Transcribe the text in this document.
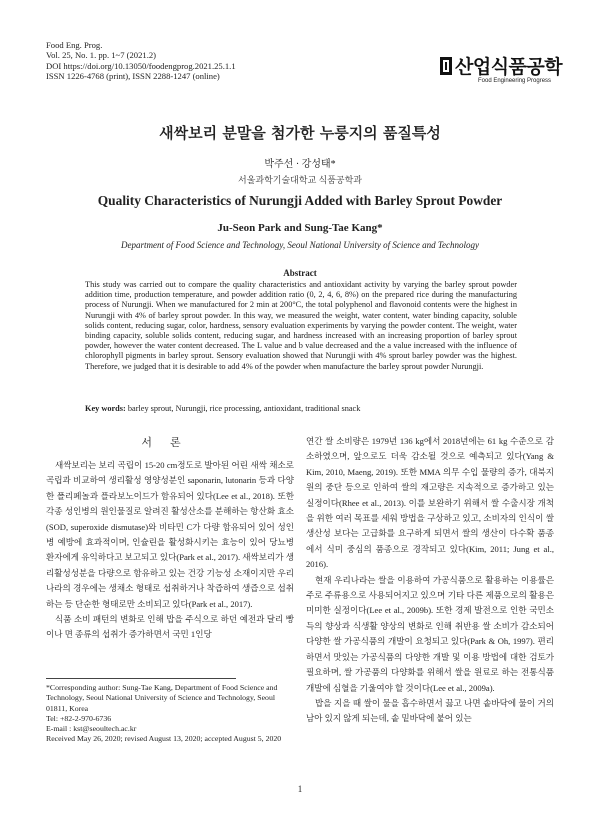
Food Eng. Prog.
Vol. 25, No. 1. pp. 1~7 (2021.2)
DOI https://doi.org/10.13050/foodengprog.2021.25.1.1
ISSN 1226-4768 (print), ISSN 2288-1247 (online)	산업식품공학
Food Engineering Progress
새싹보리 분말을 첨가한 누룽지의 품질특성
박주선 · 강성태*
서울과학기술대학교 식품공학과
Quality Characteristics of Nurungji Added with Barley Sprout Powder
Ju-Seon Park and Sung-Tae Kang*
Department of Food Science and Technology, Seoul National University of Science and Technology
Abstract
This study was carried out to compare the quality characteristics and antioxidant activity by varying the barley sprout powder addition time, production temperature, and powder addition ratio (0, 2, 4, 6, 8%) on the prepared rice during the manufacturing process of Nurungji. When we manufactured for 2 min at 200°C, the total polyphenol and flavonoid contents were the highest in Nurungji with 4% of barley sprout powder. In this way, we measured the weight, water content, water binding capacity, soluble solids content, reducing sugar, color, hardness, sensory evaluation experiments by varying the powder content. The weight, water binding capacity, soluble solids content, reducing sugar, and hardness increased with an increasing proportion of barley sprout powder, however the water content decreased. The L value and b value decreased and the a value increased with the influence of chlorophyll pigments in barley sprout. Sensory evaluation showed that Nurungji with 4% sprout barley powder was the highest. Therefore, we judged that it is desirable to add 4% of the powder when manufacture the barley sprout powder Nurungji.
Key words: barley sprout, Nurungji, rice processing, antioxidant, traditional snack
서론

새싹보리는 보리 곡립이 15-20 cm정도로 발아된 어린 새싹 채소로 곡립과 비교하여 생리활성 영양성분인 saponarin, lutonarin 등과 다양한 폴리페놀과 플라보노이드가 함유되어 있다(Lee et al., 2018). 또한 각종 성인병의 원인물질로 알려진 활성산소를 분해하는 항산화 효소(SOD, superoxide dismutase)와 비타민 C가 다량 함유되어 있어 성인병 예방에 효과적이며, 인슐린을 활성화시키는 효능이 있어 당뇨병 환자에게 유익하다고 보고되고 있다(Park et al., 2017). 새싹보리가 생리활성성분을 다량으로 함유하고 있는 건강 기능성 소재이지만 우리나라의 경우에는 생채소 형태로 섭취하거나 착즙하여 생즙으로 섭취하는 등 단순한 형태로만 소비되고 있다(Park et al., 2017).

식품 소비 패턴의 변화로 인해 밥을 주식으로 하던 예전과 달리 빵이나 면 종류의 섭취가 증가하면서 국민 1인당

연간 쌀 소비량은 1979년 136 kg에서 2018년에는 61 kg 수준으로 감소하였으며, 앞으로도 더욱 감소될 것으로 예측되고 있다(Yang & Kim, 2010, Maeng, 2019). 또한 MMA 의무 수입 물량의 증가, 대북지원의 중단 등으로 인하여 쌀의 재고량은 지속적으로 증가하고 있는 실정이다(Rhee et al., 2013). 이를 보완하기 위해서 쌀 수출시장 개척을 위한 여러 목표를 세워 방법을 구상하고 있고, 소비자의 인식이 쌀 생산성 보다는 고급화를 요구하게 되면서 쌀의 생산이 다수확 품종에서 식미 중심의 품종으로 경작되고 있다(Kim, 2011; Jung et al., 2016).

현재 우리나라는 쌀을 이용하여 가공식품으로 활용하는 이용률은 주로 주류용으로 사용되어지고 있으며 기타 다른 제품으로의 활용은 미미한 실정이다(Lee et al., 2009b). 또한 경제 발전으로 인한 국민소득의 향상과 식생활 양상의 변화로 인해 취반용 쌀 소비가 감소되어 다양한 쌀 가공식품의 개발이 요청되고 있다(Park & Oh, 1997). 편리하면서 맛있는 가공식품의 다양한 개발 및 이용 방법에 대한 검토가 필요하며, 쌀 가공품의 다양화를 위해서 쌀을 원료로 하는 전통식품 개발에 심혈을 기울여야 할 것이다(Lee et al., 2009a).

밥을 지을 때 쌀이 물을 흡수하면서 끓고 나면 솥바닥에 물이 거의 남아 있지 않게 되는데, 솥 밑바닥에 붙어 있는

*Corresponding author: Sung-Tae Kang, Department of Food Science and Technology, Seoul National University of Science and Technology, Seoul 01811, Korea
Tel: +82-2-970-6736
E-mail : kst@seoultech.ac.kr
Received May 26, 2020; revised August 13, 2020; accepted August 5, 2020
1
